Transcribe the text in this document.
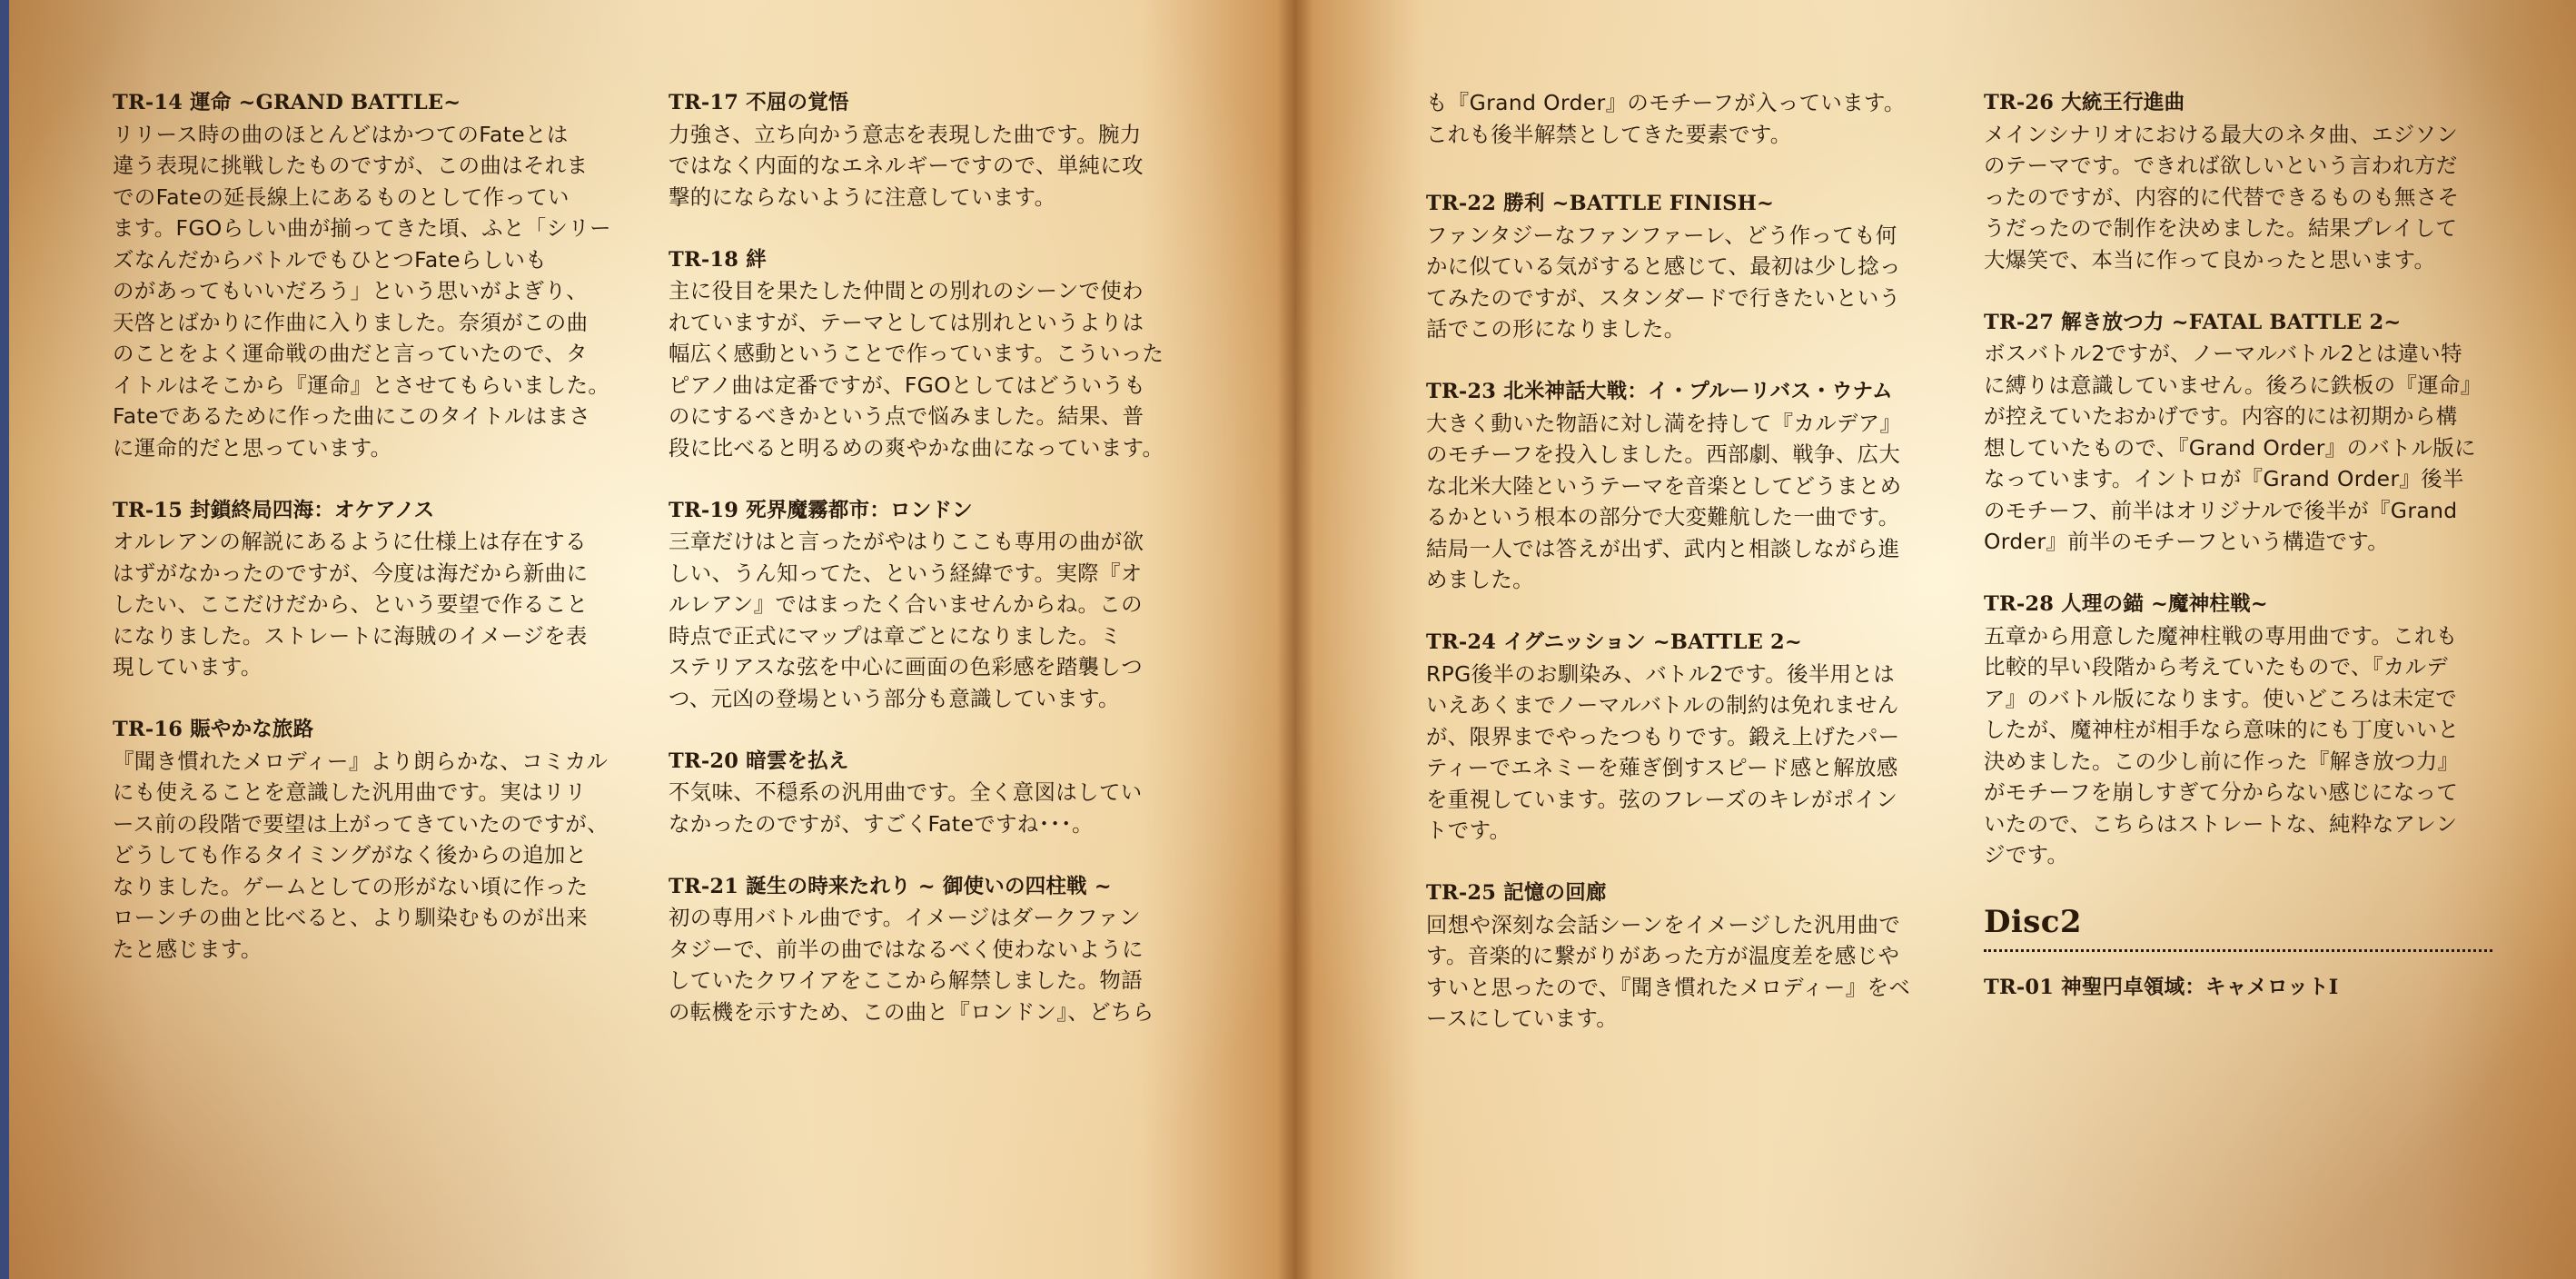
TR-14 運命 ~GRAND BATTLE~
リリース時の曲のほとんどはかつてのFateとは
違う表現に挑戦したものですが、この曲はそれま
でのFateの延長線上にあるものとして作ってい
ます。FGOらしい曲が揃ってきた頃、ふと「シリー
ズなんだからバトルでもひとつFateらしいも
のがあってもいいだろう」という思いがよぎり、
天啓とばかりに作曲に入りました。奈須がこの曲
のことをよく運命戦の曲だと言っていたので、タ
イトルはそこから『運命』とさせてもらいました。
Fateであるために作った曲にこのタイトルはまさ
に運命的だと思っています。
TR-15 封鎖終局四海：オケアノス
オルレアンの解説にあるように仕様上は存在する
はずがなかったのですが、今度は海だから新曲に
したい、ここだけだから、という要望で作ること
になりました。ストレートに海賊のイメージを表
現しています。
TR-16 賑やかな旅路
『聞き慣れたメロディー』より朗らかな、コミカル
にも使えることを意識した汎用曲です。実はリリ
ース前の段階で要望は上がってきていたのですが、
どうしても作るタイミングがなく後からの追加と
なりました。ゲームとしての形がない頃に作った
ローンチの曲と比べると、より馴染むものが出来
たと感じます。
TR-17 不屈の覚悟
力強さ、立ち向かう意志を表現した曲です。腕力
ではなく内面的なエネルギーですので、単純に攻
撃的にならないように注意しています。
TR-18 絆
主に役目を果たした仲間との別れのシーンで使わ
れていますが、テーマとしては別れというよりは
幅広く感動ということで作っています。こういった
ピアノ曲は定番ですが、FGOとしてはどういうも
のにするべきかという点で悩みました。結果、普
段に比べると明るめの爽やかな曲になっています。
TR-19 死界魔霧都市：ロンドン
三章だけはと言ったがやはりここも専用の曲が欲
しい、うん知ってた、という経緯です。実際『オ
ルレアン』ではまったく合いませんからね。この
時点で正式にマップは章ごとになりました。ミ
ステリアスな弦を中心に画面の色彩感を踏襲しつ
つ、元凶の登場という部分も意識しています。
TR-20 暗雲を払え
不気味、不穏系の汎用曲です。全く意図はしてい
なかったのですが、すごくFateですね･･･。
TR-21 誕生の時来たれり ~ 御使いの四柱戦 ~
初の専用バトル曲です。イメージはダークファン
タジーで、前半の曲ではなるべく使わないように
していたクワイアをここから解禁しました。物語
の転機を示すため、この曲と『ロンドン』、どちら
も『Grand Order』のモチーフが入っています。
これも後半解禁としてきた要素です。
TR-22 勝利 ~BATTLE FINISH~
ファンタジーなファンファーレ、どう作っても何
かに似ている気がすると感じて、最初は少し捻っ
てみたのですが、スタンダードで行きたいという
話でこの形になりました。
TR-23 北米神話大戦：イ・プルーリバス・ウナム
大きく動いた物語に対し満を持して『カルデア』
のモチーフを投入しました。西部劇、戦争、広大
な北米大陸というテーマを音楽としてどうまとめ
るかという根本の部分で大変難航した一曲です。
結局一人では答えが出ず、武内と相談しながら進
めました。
TR-24 イグニッション ~BATTLE 2~
RPG後半のお馴染み、バトル2です。後半用とは
いえあくまでノーマルバトルの制約は免れません
が、限界までやったつもりです。鍛え上げたパー
ティーでエネミーを薙ぎ倒すスピード感と解放感
を重視しています。弦のフレーズのキレがポイン
トです。
TR-25 記憶の回廊
回想や深刻な会話シーンをイメージした汎用曲で
す。音楽的に繋がりがあった方が温度差を感じや
すいと思ったので、『聞き慣れたメロディー』をベ
ースにしています。
TR-26 大統王行進曲
メインシナリオにおける最大のネタ曲、エジソン
のテーマです。できれば欲しいという言われ方だ
ったのですが、内容的に代替できるものも無さそ
うだったので制作を決めました。結果プレイして
大爆笑で、本当に作って良かったと思います。
TR-27 解き放つ力 ~FATAL BATTLE 2~
ボスバトル2ですが、ノーマルバトル2とは違い特
に縛りは意識していません。後ろに鉄板の『運命』
が控えていたおかげです。内容的には初期から構
想していたもので、『Grand Order』のバトル版に
なっています。イントロが『Grand Order』後半
のモチーフ、前半はオリジナルで後半が『Grand
Order』前半のモチーフという構造です。
TR-28 人理の錨 ~魔神柱戦~
五章から用意した魔神柱戦の専用曲です。これも
比較的早い段階から考えていたもので、『カルデ
ア』のバトル版になります。使いどころは未定で
したが、魔神柱が相手なら意味的にも丁度いいと
決めました。この少し前に作った『解き放つ力』
がモチーフを崩しすぎて分からない感じになって
いたので、こちらはストレートな、純粋なアレン
ジです。
Disc2
TR-01 神聖円卓領域：キャメロットⅠ
